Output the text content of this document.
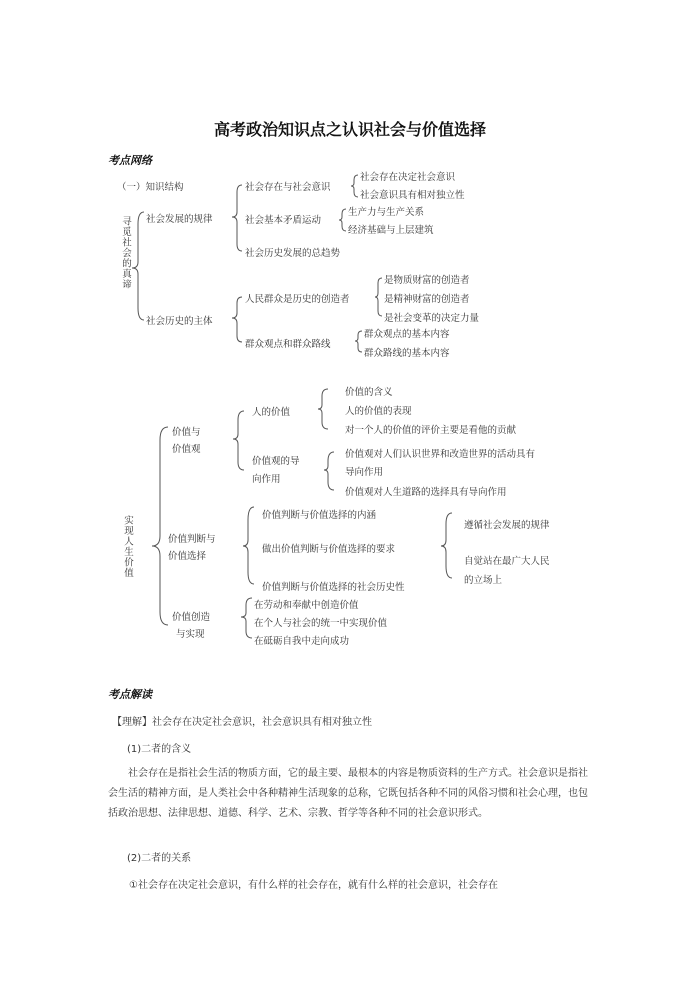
高考政治知识点之认识社会与价值选择
考点网络
（一）知识结构
寻觅社会的真谛 社会发展的规律
社会存在与社会意识
社会存在决定社会意识
社会意识具有相对独立性
社会基本矛盾运动
生产力与生产关系
经济基础与上层建筑
社会历史发展的总趋势
社会历史的主体
人民群众是历史的创造者
是物质财富的创造者
是精神财富的创造者
是社会变革的决定力量
群众观点和群众路线
群众观点的基本内容
群众路线的基本内容
实现人生价值
价值与
价值观
人的价值
价值的含义
人的价值的表现
对一个人的价值的评价主要是看他的贡献
价值观的导
向作用
价值观对人们认识世界和改造世界的活动具有
导向作用
价值观对人生道路的选择具有导向作用
价值判断与
价值选择
价值判断与价值选择的内涵
做出价值判断与价值选择的要求
价值判断与价值选择的社会历史性
遵循社会发展的规律
自觉站在最广大人民
的立场上
价值创造
与实现
在劳动和奉献中创造价值
在个人与社会的统一中实现价值
在砥砺自我中走向成功
考点解读
【理解】社会存在决定社会意识，社会意识具有相对独立性
(1)二者的含义
社会存在是指社会生活的物质方面，它的最主要、最根本的内容是物质资料的生产方式。社会意识是指社会生活的精神方面，是人类社会中各种精神生活现象的总称，它既包括各种不同的风俗习惯和社会心理，也包括政治思想、法律思想、道德、科学、艺术、宗教、哲学等各种不同的社会意识形式。
(2)二者的关系
①社会存在决定社会意识，有什么样的社会存在，就有什么样的社会意识，社会存在
